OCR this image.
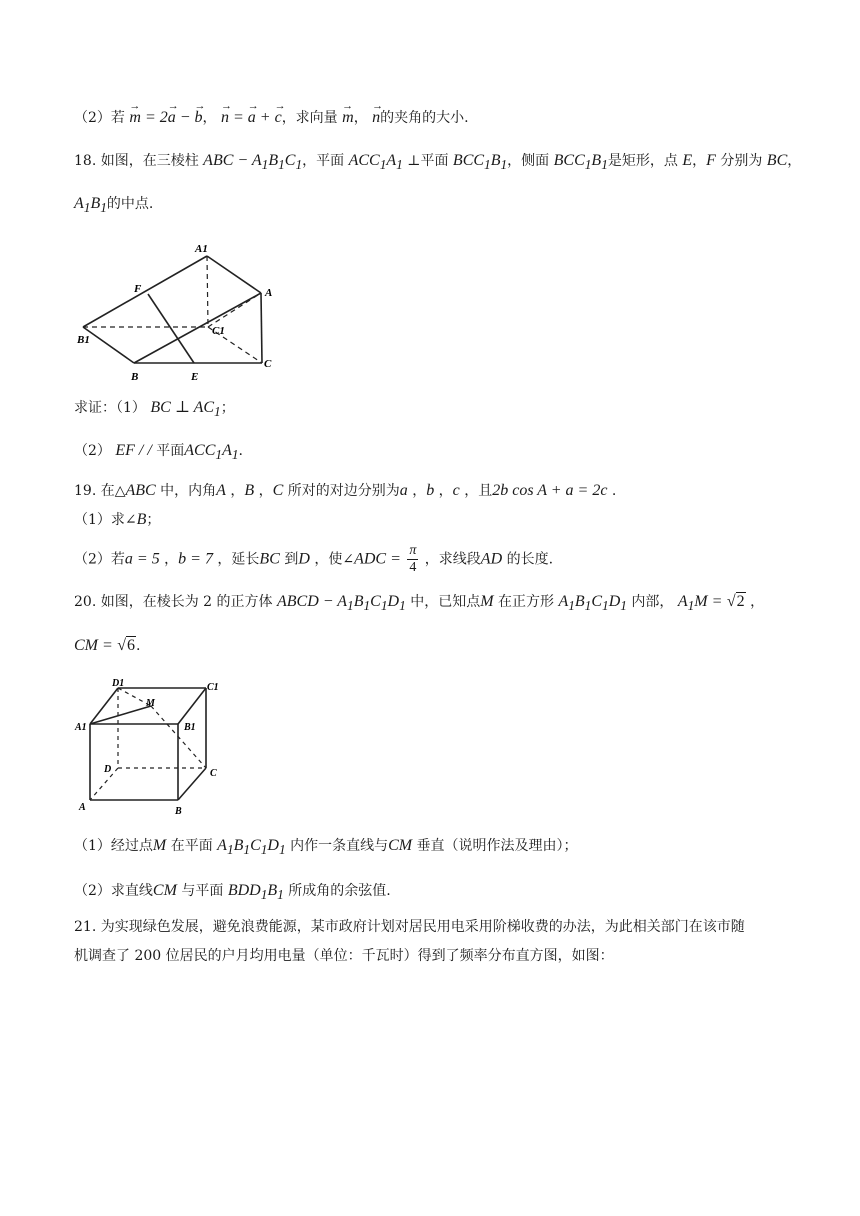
（2）若 → m = 2→ a − → b， → n = → a + → c，求向量 → m， → n的夹角的大小.
18. 如图，在三棱柱 ABC − $A_1B_1C_1$，平面 $ACC_1A_1$ ⊥平面 $BCC_1B_1$，侧面 $BCC_1B_1$是矩形，点 E，F 分别为 BC，
$A_1B_1$的中点.
A1
F	A
B1
C1
B	E
C
求证：（1） BC ⊥ $AC_1$；
（2） EF / / 平面$ACC_1A_1$.
19. 在△ABC 中，内角A ，B ，C 所对的对边分别为a ，b ，c ，且2b cos A + a = 2c .
（1）求∠B；
（2）若a = 5 ，b = 7 ，延长BC 到D ，使∠ADC = $\frac{\pi}{4}$ ，求线段AD 的长度.
20. 如图，在棱长为 2 的正方体 ABCD − $A_1B_1C_1D_1$ 中，已知点M 在正方形 $A_1B_1C_1D_1$ 内部， $A_1M = √2$ ，
CM = √6.
D1
M
C1
A1	B1
D	C
A	B
（1）经过点M 在平面 $A_1B_1C_1D_1$ 内作一条直线与CM 垂直（说明作法及理由）；
（2）求直线CM 与平面 $BDD_1B_1$ 所成角的余弦值.
21. 为实现绿色发展，避免浪费能源，某市政府计划对居民用电采用阶梯收费的办法，为此相关部门在该市随
机调查了 200 位居民的户月均用电量（单位：千瓦时）得到了频率分布直方图，如图：
